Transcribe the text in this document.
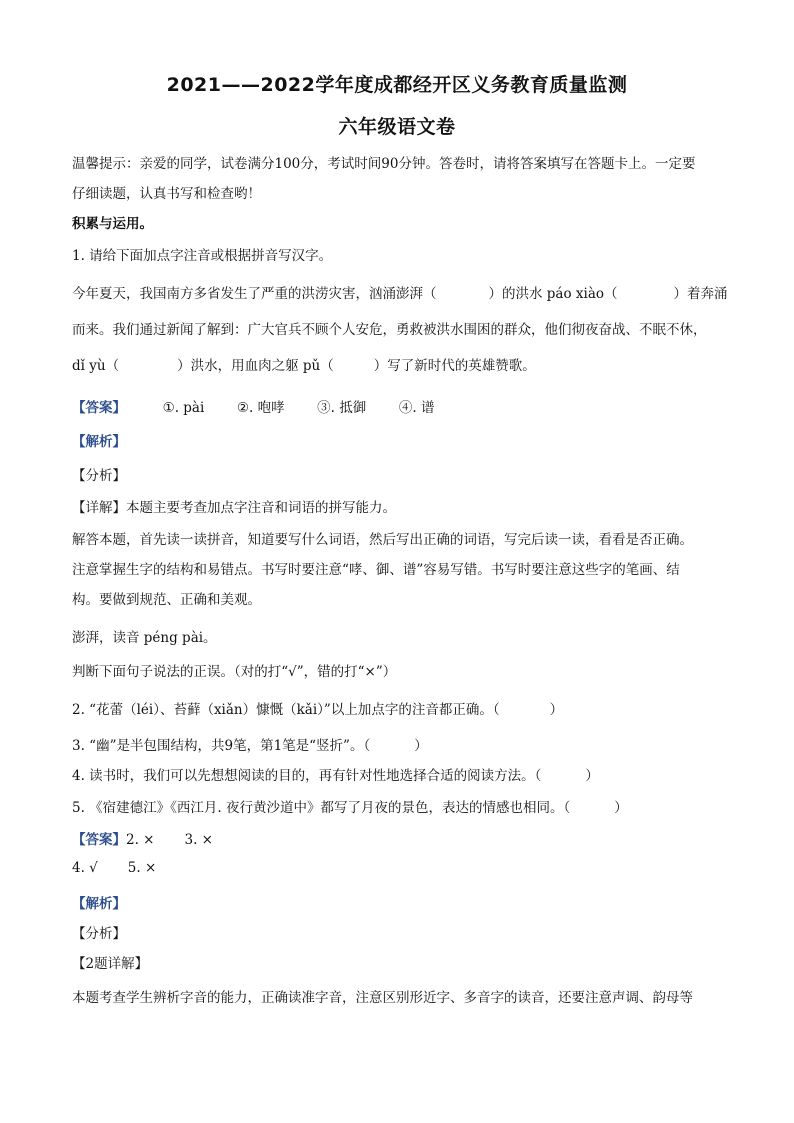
2021——2022学年度成都经开区义务教育质量监测
六年级语文卷
温馨提示：亲爱的同学，试卷满分100分，考试时间90分钟。答卷时，请将答案填写在答题卡上。一定要
仔细读题，认真书写和检查哟！
积累与运用。
1. 请给下面加点字注音或根据拼音写汉字。
今年夏天，我国南方多省发生了严重的洪涝灾害，汹涌澎湃（	）的洪水 páo xiào（	）着奔涌
而来。我们通过新闻了解到：广大官兵不顾个人安危，勇救被洪水围困的群众，他们彻夜奋战、不眠不休，
dǐ yù（	）洪水，用血肉之躯 pǔ（	）写了新时代的英雄赞歌。
【答案】	①. pài ②. 咆哮 ③. 抵御 ④. 谱
【解析】
【分析】
【详解】本题主要考查加点字注音和词语的拼写能力。
解答本题，首先读一读拼音，知道要写什么词语，然后写出正确的词语，写完后读一读，看看是否正确。
注意掌握生字的结构和易错点。书写时要注意“哮、御、谱”容易写错。书写时要注意这些字的笔画、结
构。要做到规范、正确和美观。
澎湃，读音 péng pài。
判断下面句子说法的正误。（对的打“√”，错的打“×”）
2. “花蕾（léi）、苔藓（xiǎn）慷慨（kǎi）”以上加点字的注音都正确。（	）
3. “幽”是半包围结构，共9笔，第1笔是“竖折”。（	）
4. 读书时，我们可以先想想阅读的目的，再有针对性地选择合适的阅读方法。（	）
5. 《宿建德江》《西江月. 夜行黄沙道中》都写了月夜的景色，表达的情感也相同。（	）
【答案】2. × 3. ×
4. √ 5. ×
【解析】
【分析】
【2题详解】
本题考查学生辨析字音的能力，正确读准字音，注意区别形近字、多音字的读音，还要注意声调、韵母等
